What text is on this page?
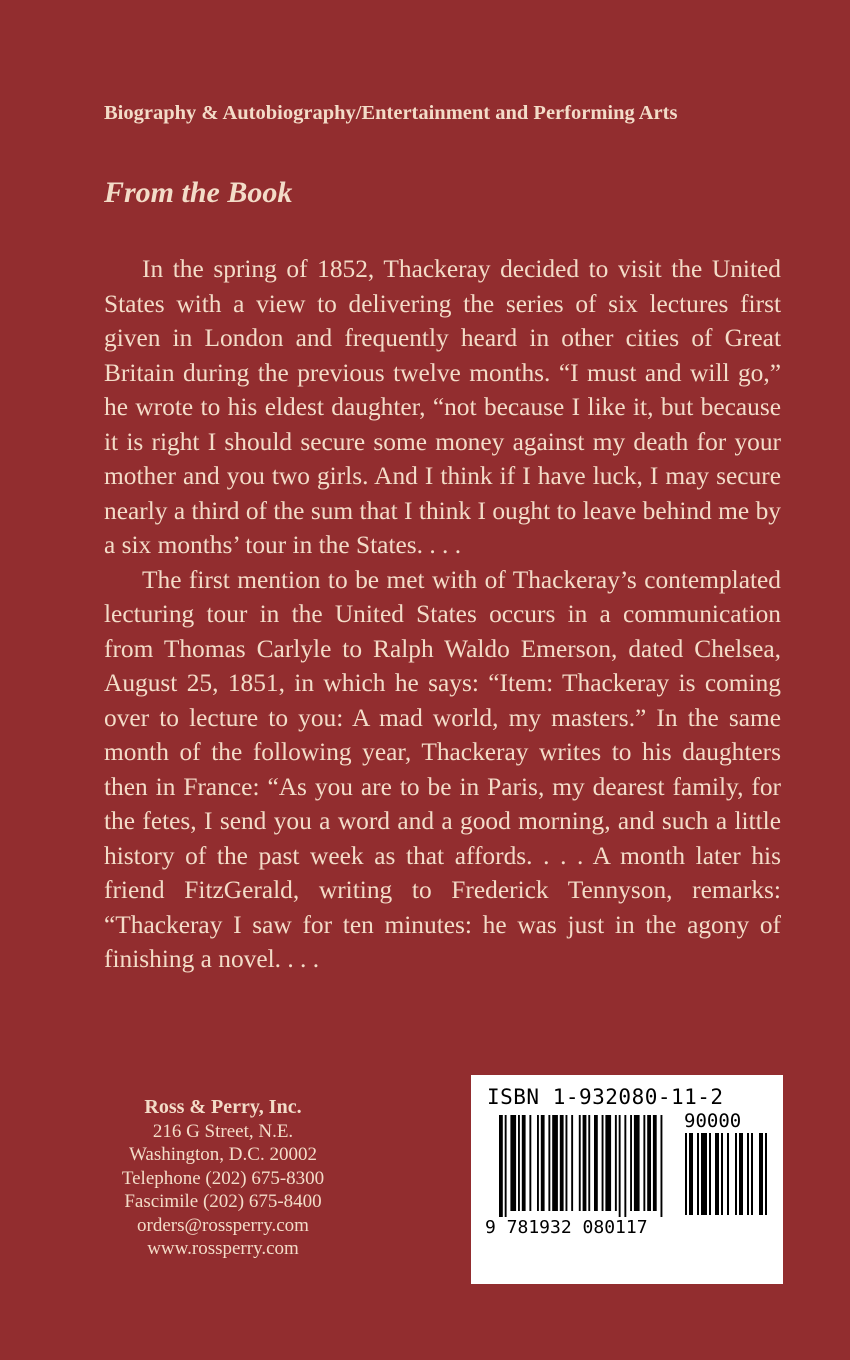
Biography & Autobiography/Entertainment and Performing Arts
From the Book

In the spring of 1852, Thackeray decided to visit the United States with a view to delivering the series of six lectures first given in London and frequently heard in other cities of Great Britain during the previous twelve months. “I must and will go,” he wrote to his eldest daughter, “not because I like it, but because it is right I should secure some money against my death for your mother and you two girls. And I think if I have luck, I may secure nearly a third of the sum that I think I ought to leave behind me by a six months’ tour in the States. . . .

The first mention to be met with of Thackeray’s contemplated lecturing tour in the United States occurs in a communication from Thomas Carlyle to Ralph Waldo Emerson, dated Chelsea, August 25, 1851, in which he says: “Item: Thackeray is coming over to lecture to you: A mad world, my masters.” In the same month of the following year, Thackeray writes to his daughters then in France: “As you are to be in Paris, my dearest family, for the fetes, I send you a word and a good morning, and such a little history of the past week as that affords. . . . A month later his friend FitzGerald, writing to Frederick Tennyson, remarks: “Thackeray I saw for ten minutes: he was just in the agony of finishing a novel. . . .

Ross & Perry, Inc.
216 G Street, N.E.
Washington, D.C. 20002
Telephone (202) 675-8300
Fascimile (202) 675-8400
orders@rossperry.com
www.rossperry.com
ISBN 1-932080-11-2
90000
9 781932 080117
